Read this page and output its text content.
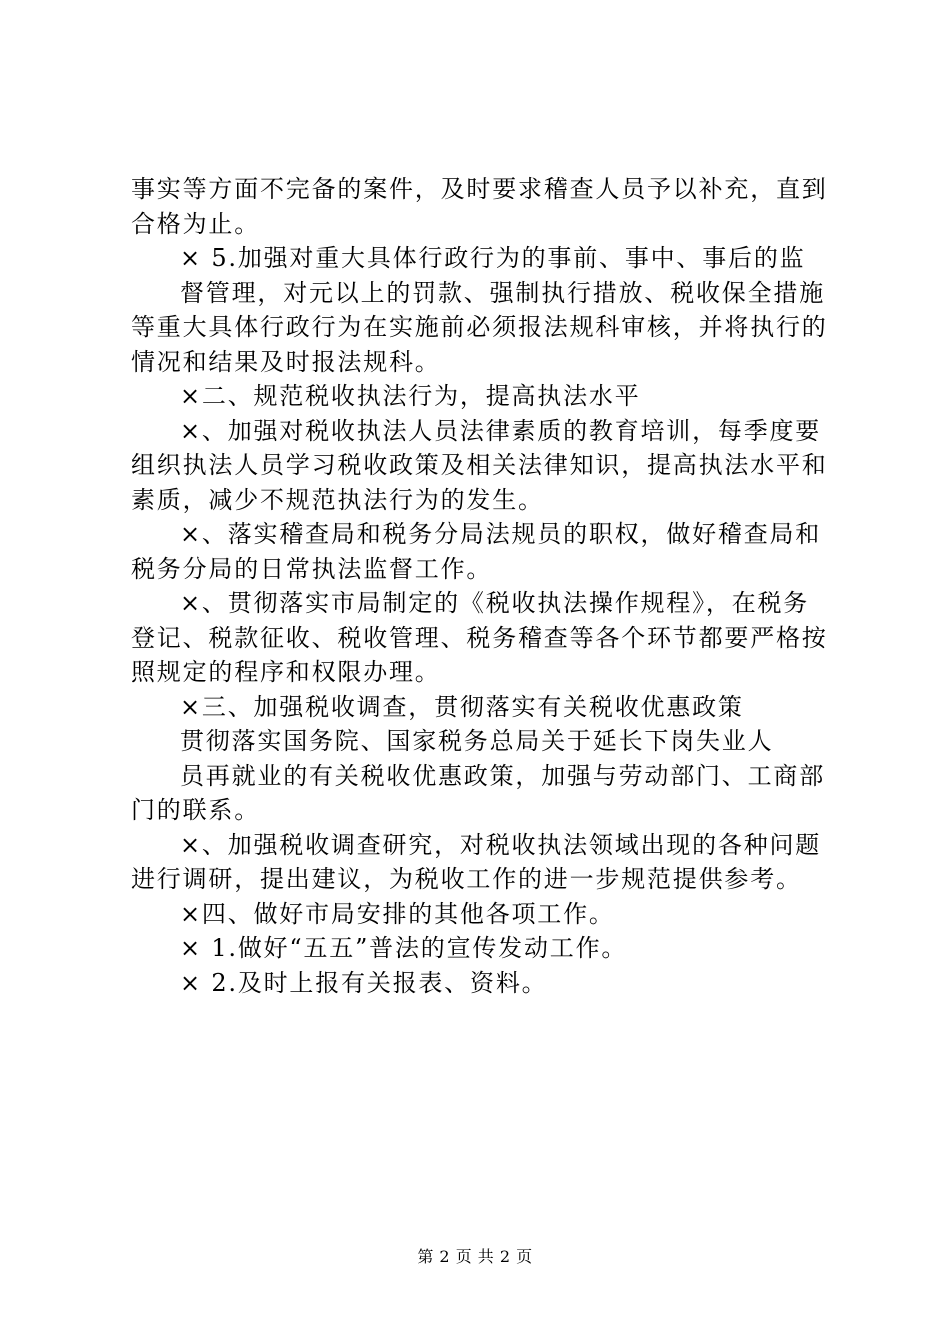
事实等方面不完备的案件，及时要求稽查人员予以补充，直到
合格为止。
× 5.加强对重大具体行政行为的事前、事中、事后的监
督管理，对元以上的罚款、强制执行措放、税收保全措施
等重大具体行政行为在实施前必须报法规科审核，并将执行的
情况和结果及时报法规科。
×二、规范税收执法行为，提高执法水平
×、加强对税收执法人员法律素质的教育培训，每季度要
组织执法人员学习税收政策及相关法律知识，提高执法水平和
素质，减少不规范执法行为的发生。
×、落实稽查局和税务分局法规员的职权，做好稽查局和
税务分局的日常执法监督工作。
×、贯彻落实市局制定的《税收执法操作规程》，在税务
登记、税款征收、税收管理、税务稽查等各个环节都要严格按
照规定的程序和权限办理。
×三、加强税收调查，贯彻落实有关税收优惠政策
贯彻落实国务院、国家税务总局关于延长下岗失业人
员再就业的有关税收优惠政策，加强与劳动部门、工商部
门的联系。
×、加强税收调查研究，对税收执法领域出现的各种问题
进行调研，提出建议，为税收工作的进一步规范提供参考。
×四、做好市局安排的其他各项工作。
× 1.做好“五五”普法的宣传发动工作。
× 2.及时上报有关报表、资料。
第 2 页 共 2 页
